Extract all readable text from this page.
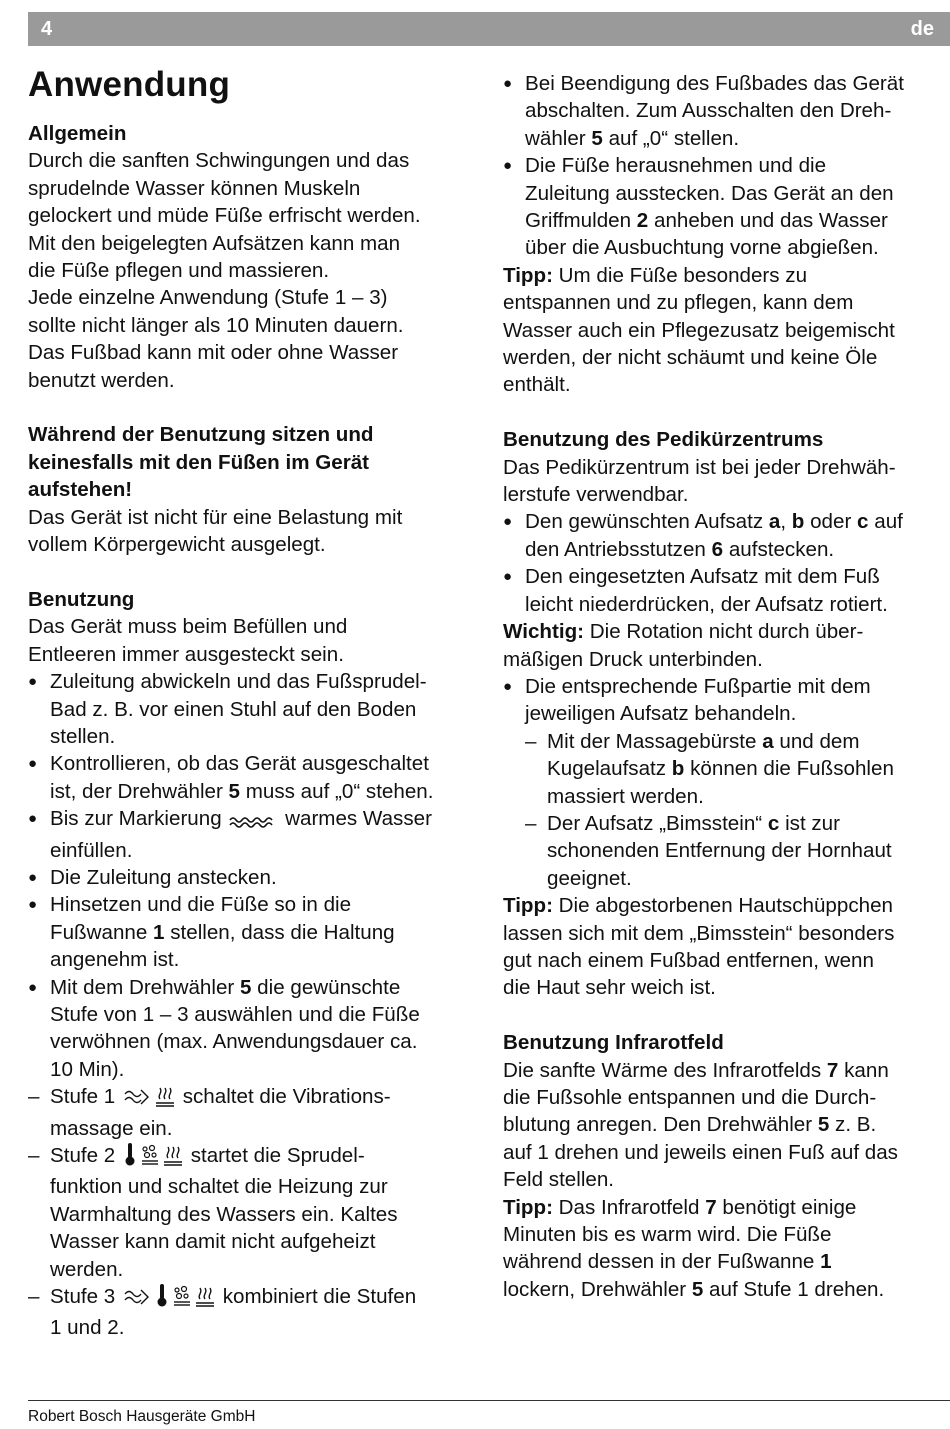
4	de
Anwendung
Allgemein

Durch die sanften Schwingungen und das

sprudelnde Wasser können Muskeln

gelockert und müde Füße erfrischt werden.

Mit den beigelegten Aufsätzen kann man

die Füße pflegen und massieren.

Jede einzelne Anwendung (Stufe 1 – 3)

sollte nicht länger als 10 Minuten dauern.

Das Fußbad kann mit oder ohne Wasser

benutzt werden.

Während der Benutzung sitzen und

keinesfalls mit den Füßen im Gerät

aufstehen!

Das Gerät ist nicht für eine Belastung mit

vollem Körpergewicht ausgelegt.

Benutzung

Das Gerät muss beim Befüllen und

Entleeren immer ausgesteckt sein.

● Zuleitung abwickeln und das Fußsprudel-
Bad z. B. vor einen Stuhl auf den Boden
stellen.
● Kontrollieren, ob das Gerät ausgeschaltet
ist, der Drehwähler 5 muss auf „0“ stehen.
● Bis zur Markierung	warmes Wasser
einfüllen.
● Die Zuleitung anstecken.
● Hinsetzen und die Füße so in die
Fußwanne 1 stellen, dass die Haltung
angenehm ist.
● Mit dem Drehwähler 5 die gewünschte
Stufe von 1 – 3 auswählen und die Füße
verwöhnen (max. Anwendungsdauer ca.
10 Min).
– Stufe 1	schaltet die Vibrations-
massage ein.
– Stufe 2	startet die Sprudel-
funktion und schaltet die Heizung zur
Warmhaltung des Wassers ein. Kaltes
Wasser kann damit nicht aufgeheizt
werden.
– Stufe 3	kombiniert die Stufen
1 und 2.
● Bei Beendigung des Fußbades das Gerät
abschalten. Zum Ausschalten den Dreh-
wähler 5 auf „0“ stellen.
● Die Füße herausnehmen und die
Zuleitung ausstecken. Das Gerät an den
Griffmulden 2 anheben und das Wasser
über die Ausbuchtung vorne abgießen.
Tipp: Um die Füße besonders zu
entspannen und zu pflegen, kann dem
Wasser auch ein Pflegezusatz beigemischt
werden, der nicht schäumt und keine Öle
enthält.
Benutzung des Pedikürzentrums

Das Pedikürzentrum ist bei jeder Drehwäh-

lerstufe verwendbar.

● Den gewünschten Aufsatz a, b oder c auf
den Antriebsstutzen 6 aufstecken.
● Den eingesetzten Aufsatz mit dem Fuß
leicht niederdrücken, der Aufsatz rotiert.
Wichtig: Die Rotation nicht durch über-
mäßigen Druck unterbinden.
● Die entsprechende Fußpartie mit dem
jeweiligen Aufsatz behandeln.
– Mit der Massagebürste a und dem
Kugelaufsatz b können die Fußsohlen
massiert werden.
– Der Aufsatz „Bimsstein“ c ist zur
schonenden Entfernung der Hornhaut
geeignet.
Tipp: Die abgestorbenen Hautschüppchen
lassen sich mit dem „Bimsstein“ besonders
gut nach einem Fußbad entfernen, wenn
die Haut sehr weich ist.
Benutzung Infrarotfeld
Die sanfte Wärme des Infrarotfelds 7 kann
die Fußsohle entspannen und die Durch-
blutung anregen. Den Drehwähler 5 z. B.
auf 1 drehen und jeweils einen Fuß auf das
Feld stellen.
Tipp: Das Infrarotfeld 7 benötigt einige
Minuten bis es warm wird. Die Füße
während dessen in der Fußwanne 1
lockern, Drehwähler 5 auf Stufe 1 drehen.
Robert Bosch Hausgeräte GmbH
